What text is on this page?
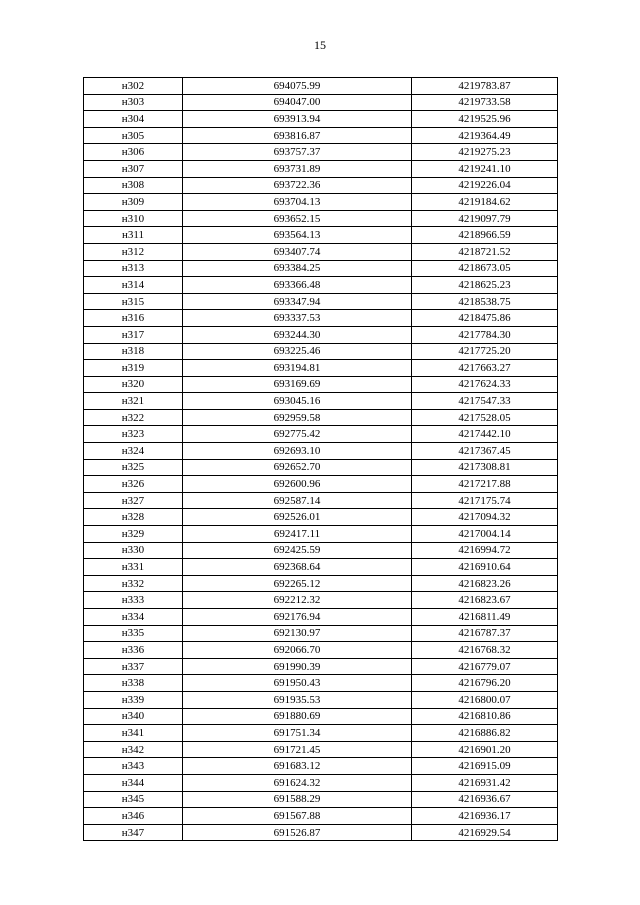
15
н302	694075.99	4219783.87
н303	694047.00	4219733.58
н304	693913.94	4219525.96
н305	693816.87	4219364.49
н306	693757.37	4219275.23
н307	693731.89	4219241.10
н308	693722.36	4219226.04
н309	693704.13	4219184.62
н310	693652.15	4219097.79
н311	693564.13	4218966.59
н312	693407.74	4218721.52
н313	693384.25	4218673.05
н314	693366.48	4218625.23
н315	693347.94	4218538.75
н316	693337.53	4218475.86
н317	693244.30	4217784.30
н318	693225.46	4217725.20
н319	693194.81	4217663.27
н320	693169.69	4217624.33
н321	693045.16	4217547.33
н322	692959.58	4217528.05
н323	692775.42	4217442.10
н324	692693.10	4217367.45
н325	692652.70	4217308.81
н326	692600.96	4217217.88
н327	692587.14	4217175.74
н328	692526.01	4217094.32
н329	692417.11	4217004.14
н330	692425.59	4216994.72
н331	692368.64	4216910.64
н332	692265.12	4216823.26
н333	692212.32	4216823.67
н334	692176.94	4216811.49
н335	692130.97	4216787.37
н336	692066.70	4216768.32
н337	691990.39	4216779.07
н338	691950.43	4216796.20
н339	691935.53	4216800.07
н340	691880.69	4216810.86
н341	691751.34	4216886.82
н342	691721.45	4216901.20
н343	691683.12	4216915.09
н344	691624.32	4216931.42
н345	691588.29	4216936.67
н346	691567.88	4216936.17
н347	691526.87	4216929.54
